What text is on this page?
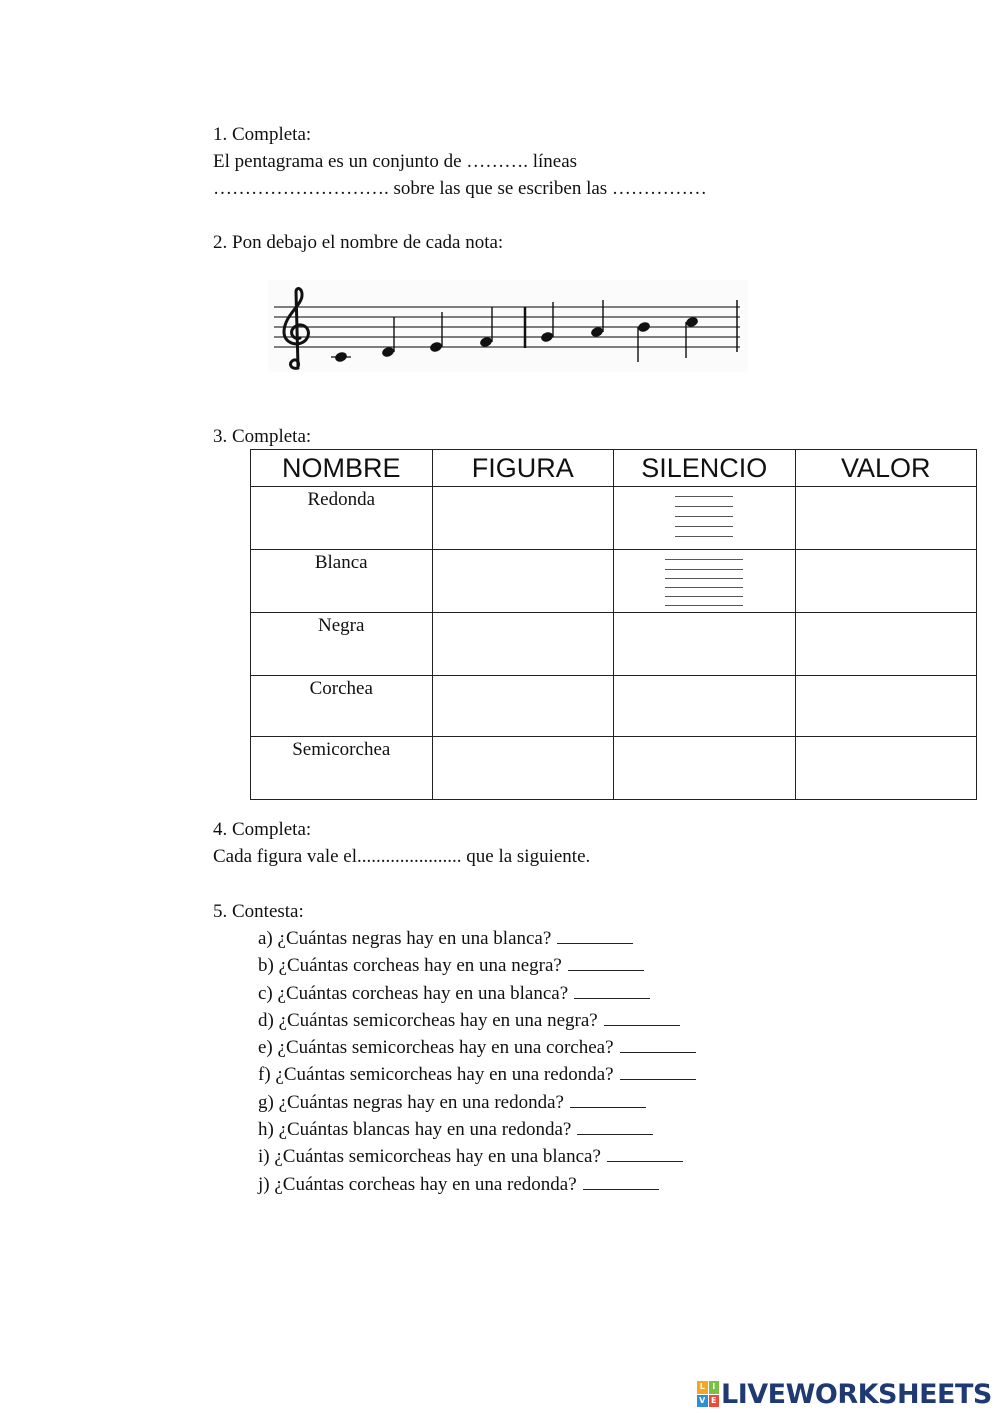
1. Completa:
El pentagrama es un conjunto de ………. líneas
………………………. sobre las que se escriben las ……………
2. Pon debajo el nombre de cada nota:
3. Completa:
NOMBRE	FIGURA	SILENCIO	VALOR
Redonda		

Blanca		

Negra			
Corchea			
Semicorchea			
4. Completa:
Cada figura vale el...................... que la siguiente.
5. Contesta:
a) ¿Cuántas negras hay en una blanca?
b) ¿Cuántas corcheas hay en una negra?
c) ¿Cuántas corcheas hay en una blanca?
d) ¿Cuántas semicorcheas hay en una negra?
e) ¿Cuántas semicorcheas hay en una corchea?
f) ¿Cuántas semicorcheas hay en una redonda?
g) ¿Cuántas negras hay en una redonda?
h) ¿Cuántas blancas hay en una redonda?
i) ¿Cuántas semicorcheas hay en una blanca?
j) ¿Cuántas corcheas hay en una redonda?
L I
V E LIVEWORKSHEETS
